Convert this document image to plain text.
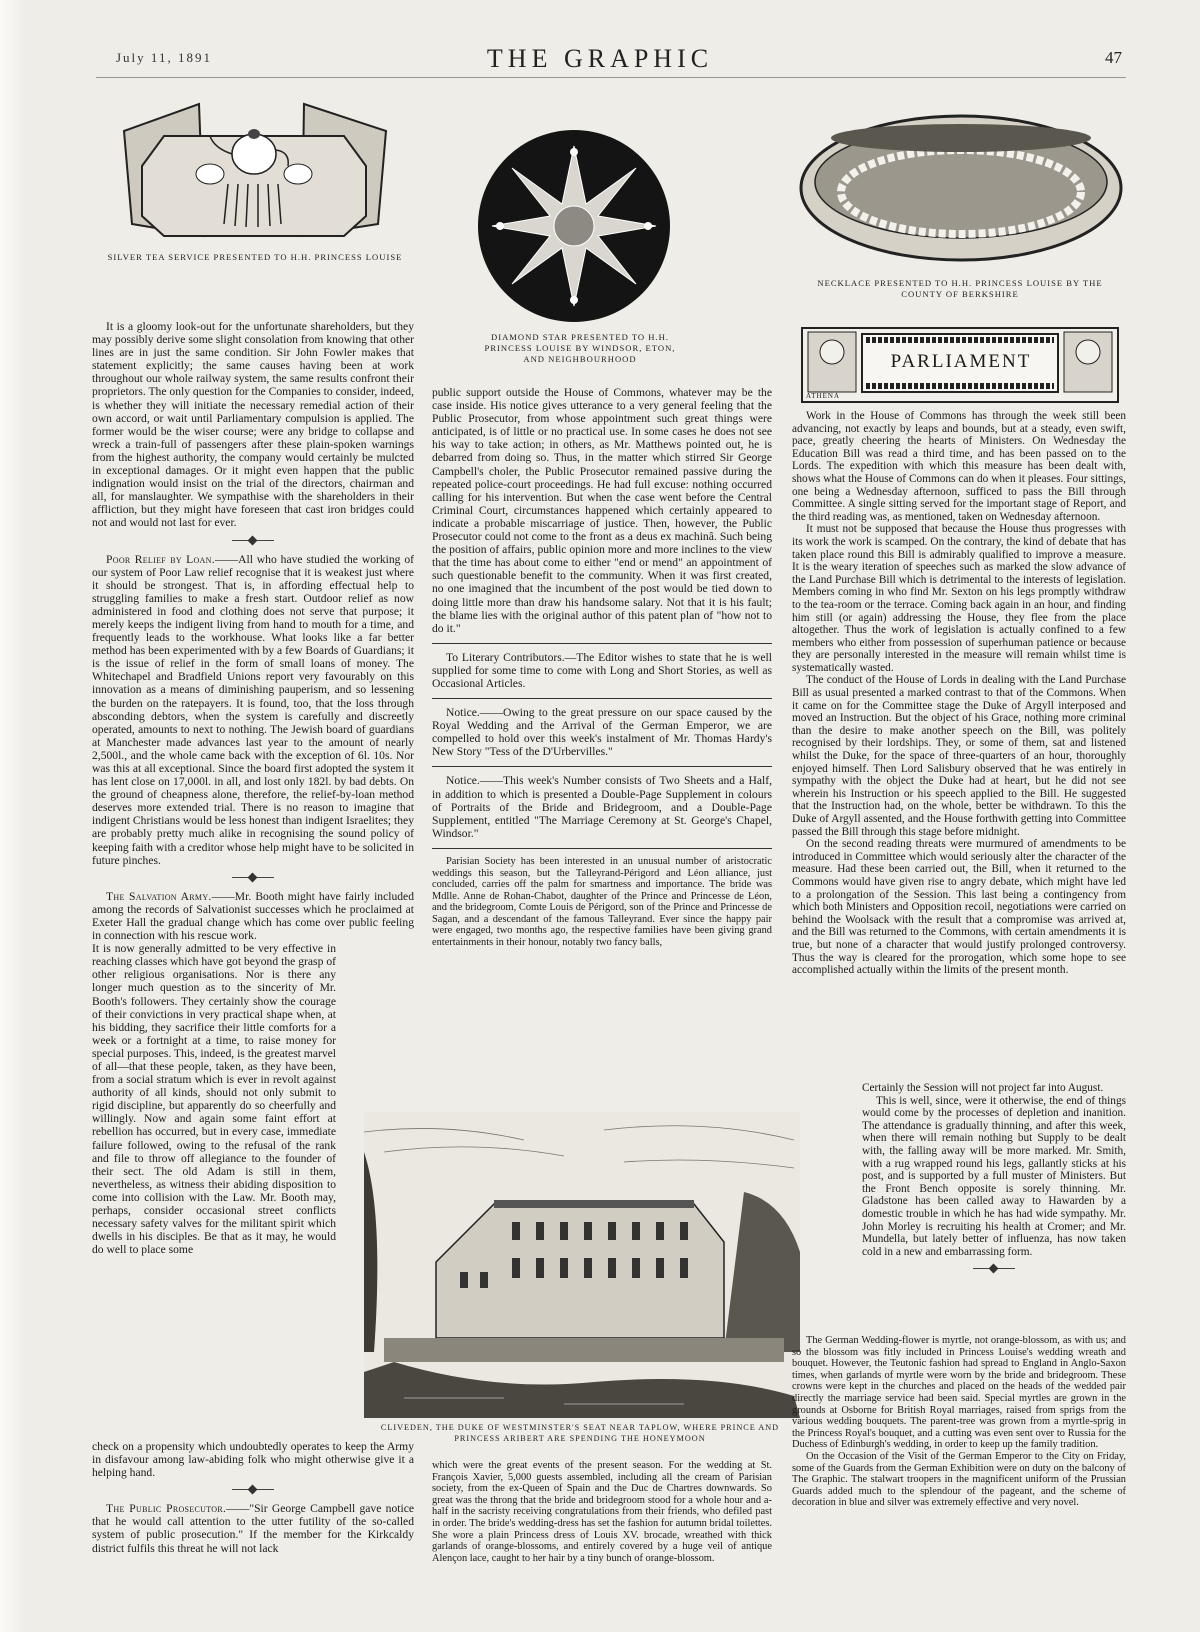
July 11, 1891	THE GRAPHIC	47
SILVER TEA SERVICE PRESENTED TO H.H. PRINCESS LOUISE
DIAMOND STAR PRESENTED TO H.H. PRINCESS LOUISE BY WINDSOR, ETON, AND NEIGHBOURHOOD
NECKLACE PRESENTED TO H.H. PRINCESS LOUISE BY THE COUNTY OF BERKSHIRE
PARLIAMENT
ATHENA

It is a gloomy look-out for the unfortunate shareholders, but they may possibly derive some slight consolation from knowing that other lines are in just the same condition. Sir John Fowler makes that statement explicitly; the same causes having been at work throughout our whole railway system, the same results confront their proprietors. The only question for the Companies to consider, indeed, is whether they will initiate the necessary remedial action of their own accord, or wait until Parliamentary compulsion is applied. The former would be the wiser course; were any bridge to collapse and wreck a train-full of passengers after these plain-spoken warnings from the highest authority, the company would certainly be mulcted in exceptional damages. Or it might even happen that the public indignation would insist on the trial of the directors, chairman and all, for manslaughter. We sympathise with the shareholders in their affliction, but they might have foreseen that cast iron bridges could not and would not last for ever.

Poor Relief by Loan.——All who have studied the working of our system of Poor Law relief recognise that it is weakest just where it should be strongest. That is, in affording effectual help to struggling families to make a fresh start. Outdoor relief as now administered in food and clothing does not serve that purpose; it merely keeps the indigent living from hand to mouth for a time, and frequently leads to the workhouse. What looks like a far better method has been experimented with by a few Boards of Guardians; it is the issue of relief in the form of small loans of money. The Whitechapel and Bradfield Unions report very favourably on this innovation as a means of diminishing pauperism, and so lessening the burden on the ratepayers. It is found, too, that the loss through absconding debtors, when the system is carefully and discreetly operated, amounts to next to nothing. The Jewish board of guardians at Manchester made advances last year to the amount of nearly 2,500l., and the whole came back with the exception of 6l. 10s. Nor was this at all exceptional. Since the board first adopted the system it has lent close on 17,000l. in all, and lost only 182l. by bad debts. On the ground of cheapness alone, therefore, the relief-by-loan method deserves more extended trial. There is no reason to imagine that indigent Christians would be less honest than indigent Israelites; they are probably pretty much alike in recognising the sound policy of keeping faith with a creditor whose help might have to be solicited in future pinches.

The Salvation Army.——Mr. Booth might have fairly included among the records of Salvationist successes which he proclaimed at Exeter Hall the gradual change which has come over public feeling in connection with his rescue work.

It is now generally admitted to be very effective in reaching classes which have got beyond the grasp of other religious organisations. Nor is there any longer much question as to the sincerity of Mr. Booth's followers. They certainly show the courage of their convictions in very practical shape when, at his bidding, they sacrifice their little comforts for a week or a fortnight at a time, to raise money for special purposes. This, indeed, is the greatest marvel of all—that these people, taken, as they have been, from a social stratum which is ever in revolt against authority of all kinds, should not only submit to rigid discipline, but apparently do so cheerfully and willingly. Now and again some faint effort at rebellion has occurred, but in every case, immediate failure followed, owing to the refusal of the rank and file to throw off allegiance to the founder of their sect. The old Adam is still in them, nevertheless, as witness their abiding disposition to come into collision with the Law. Mr. Booth may, perhaps, consider occasional street conflicts necessary safety valves for the militant spirit which dwells in his disciples. Be that as it may, he would do well to place some

check on a propensity which undoubtedly operates to keep the Army in disfavour among law-abiding folk who might otherwise give it a helping hand.

The Public Prosecutor.——"Sir George Campbell gave notice that he would call attention to the utter futility of the so-called system of public prosecution." If the member for the Kirkcaldy district fulfils this threat he will not lack

public support outside the House of Commons, whatever may be the case inside. His notice gives utterance to a very general feeling that the Public Prosecutor, from whose appointment such great things were anticipated, is of little or no practical use. In some cases he does not see his way to take action; in others, as Mr. Matthews pointed out, he is debarred from doing so. Thus, in the matter which stirred Sir George Campbell's choler, the Public Prosecutor remained passive during the repeated police-court proceedings. He had full excuse: nothing occurred calling for his intervention. But when the case went before the Central Criminal Court, circumstances happened which certainly appeared to indicate a probable miscarriage of justice. Then, however, the Public Prosecutor could not come to the front as a deus ex machinâ. Such being the position of affairs, public opinion more and more inclines to the view that the time has about come to either "end or mend" an appointment of such questionable benefit to the community. When it was first created, no one imagined that the incumbent of the post would be tied down to doing little more than draw his handsome salary. Not that it is his fault; the blame lies with the original author of this patent plan of "how not to do it."

To Literary Contributors.—The Editor wishes to state that he is well supplied for some time to come with Long and Short Stories, as well as Occasional Articles.

Notice.——Owing to the great pressure on our space caused by the Royal Wedding and the Arrival of the German Emperor, we are compelled to hold over this week's instalment of Mr. Thomas Hardy's New Story "Tess of the D'Urbervilles."

Notice.——This week's Number consists of Two Sheets and a Half, in addition to which is presented a Double-Page Supplement in colours of Portraits of the Bride and Bridegroom, and a Double-Page Supplement, entitled "The Marriage Ceremony at St. George's Chapel, Windsor."

Parisian Society has been interested in an unusual number of aristocratic weddings this season, but the Talleyrand-Périgord and Léon alliance, just concluded, carries off the palm for smartness and importance. The bride was Mdlle. Anne de Rohan-Chabot, daughter of the Prince and Princesse de Léon, and the bridegroom, Comte Louis de Périgord, son of the Prince and Princesse de Sagan, and a descendant of the famous Talleyrand. Ever since the happy pair were engaged, two months ago, the respective families have been giving grand entertainments in their honour, notably two fancy balls,

CLIVEDEN, THE DUKE OF WESTMINSTER'S SEAT NEAR TAPLOW, WHERE PRINCE AND PRINCESS ARIBERT ARE SPENDING THE HONEYMOON

which were the great events of the present season. For the wedding at St. François Xavier, 5,000 guests assembled, including all the cream of Parisian society, from the ex-Queen of Spain and the Duc de Chartres downwards. So great was the throng that the bride and bridegroom stood for a whole hour and a-half in the sacristy receiving congratulations from their friends, who defiled past in order. The bride's wedding-dress has set the fashion for autumn bridal toilettes. She wore a plain Princess dress of Louis XV. brocade, wreathed with thick garlands of orange-blossoms, and entirely covered by a huge veil of antique Alençon lace, caught to her hair by a tiny bunch of orange-blossom.

Work in the House of Commons has through the week still been advancing, not exactly by leaps and bounds, but at a steady, even swift, pace, greatly cheering the hearts of Ministers. On Wednesday the Education Bill was read a third time, and has been passed on to the Lords. The expedition with which this measure has been dealt with, shows what the House of Commons can do when it pleases. Four sittings, one being a Wednesday afternoon, sufficed to pass the Bill through Committee. A single sitting served for the important stage of Report, and the third reading was, as mentioned, taken on Wednesday afternoon.

It must not be supposed that because the House thus progresses with its work the work is scamped. On the contrary, the kind of debate that has taken place round this Bill is admirably qualified to improve a measure. It is the weary iteration of speeches such as marked the slow advance of the Land Purchase Bill which is detrimental to the interests of legislation. Members coming in who find Mr. Sexton on his legs promptly withdraw to the tea-room or the terrace. Coming back again in an hour, and finding him still (or again) addressing the House, they flee from the place altogether. Thus the work of legislation is actually confined to a few members who either from possession of superhuman patience or because they are personally interested in the measure will remain whilst time is systematically wasted.

The conduct of the House of Lords in dealing with the Land Purchase Bill as usual presented a marked contrast to that of the Commons. When it came on for the Committee stage the Duke of Argyll interposed and moved an Instruction. But the object of his Grace, nothing more criminal than the desire to make another speech on the Bill, was politely recognised by their lordships. They, or some of them, sat and listened whilst the Duke, for the space of three-quarters of an hour, thoroughly enjoyed himself. Then Lord Salisbury observed that he was entirely in sympathy with the object the Duke had at heart, but he did not see wherein his Instruction or his speech applied to the Bill. He suggested that the Instruction had, on the whole, better be withdrawn. To this the Duke of Argyll assented, and the House forthwith getting into Committee passed the Bill through this stage before midnight.

On the second reading threats were murmured of amendments to be introduced in Committee which would seriously alter the character of the measure. Had these been carried out, the Bill, when it returned to the Commons would have given rise to angry debate, which might have led to a prolongation of the Session. This last being a contingency from which both Ministers and Opposition recoil, negotiations were carried on behind the Woolsack with the result that a compromise was arrived at, and the Bill was returned to the Commons, with certain amendments it is true, but none of a character that would justify prolonged controversy. Thus the way is cleared for the prorogation, which some hope to see accomplished actually within the limits of the present month.

Certainly the Session will not project far into August.

This is well, since, were it otherwise, the end of things would come by the processes of depletion and inanition. The attendance is gradually thinning, and after this week, when there will remain nothing but Supply to be dealt with, the falling away will be more marked. Mr. Smith, with a rug wrapped round his legs, gallantly sticks at his post, and is supported by a full muster of Ministers. But the Front Bench opposite is sorely thinning. Mr. Gladstone has been called away to Hawarden by a domestic trouble in which he has had wide sympathy. Mr. John Morley is recruiting his health at Cromer; and Mr. Mundella, but lately better of influenza, has now taken cold in a new and embarrassing form.

The German Wedding-flower is myrtle, not orange-blossom, as with us; and so the blossom was fitly included in Princess Louise's wedding wreath and bouquet. However, the Teutonic fashion had spread to England in Anglo-Saxon times, when garlands of myrtle were worn by the bride and bridegroom. These crowns were kept in the churches and placed on the heads of the wedded pair directly the marriage service had been said. Special myrtles are grown in the grounds at Osborne for British Royal marriages, raised from sprigs from the various wedding bouquets. The parent-tree was grown from a myrtle-sprig in the Princess Royal's bouquet, and a cutting was even sent over to Russia for the Duchess of Edinburgh's wedding, in order to keep up the family tradition.

On the Occasion of the Visit of the German Emperor to the City on Friday, some of the Guards from the German Exhibition were on duty on the balcony of The Graphic. The stalwart troopers in the magnificent uniform of the Prussian Guards added much to the splendour of the pageant, and the scheme of decoration in blue and silver was extremely effective and very novel.
